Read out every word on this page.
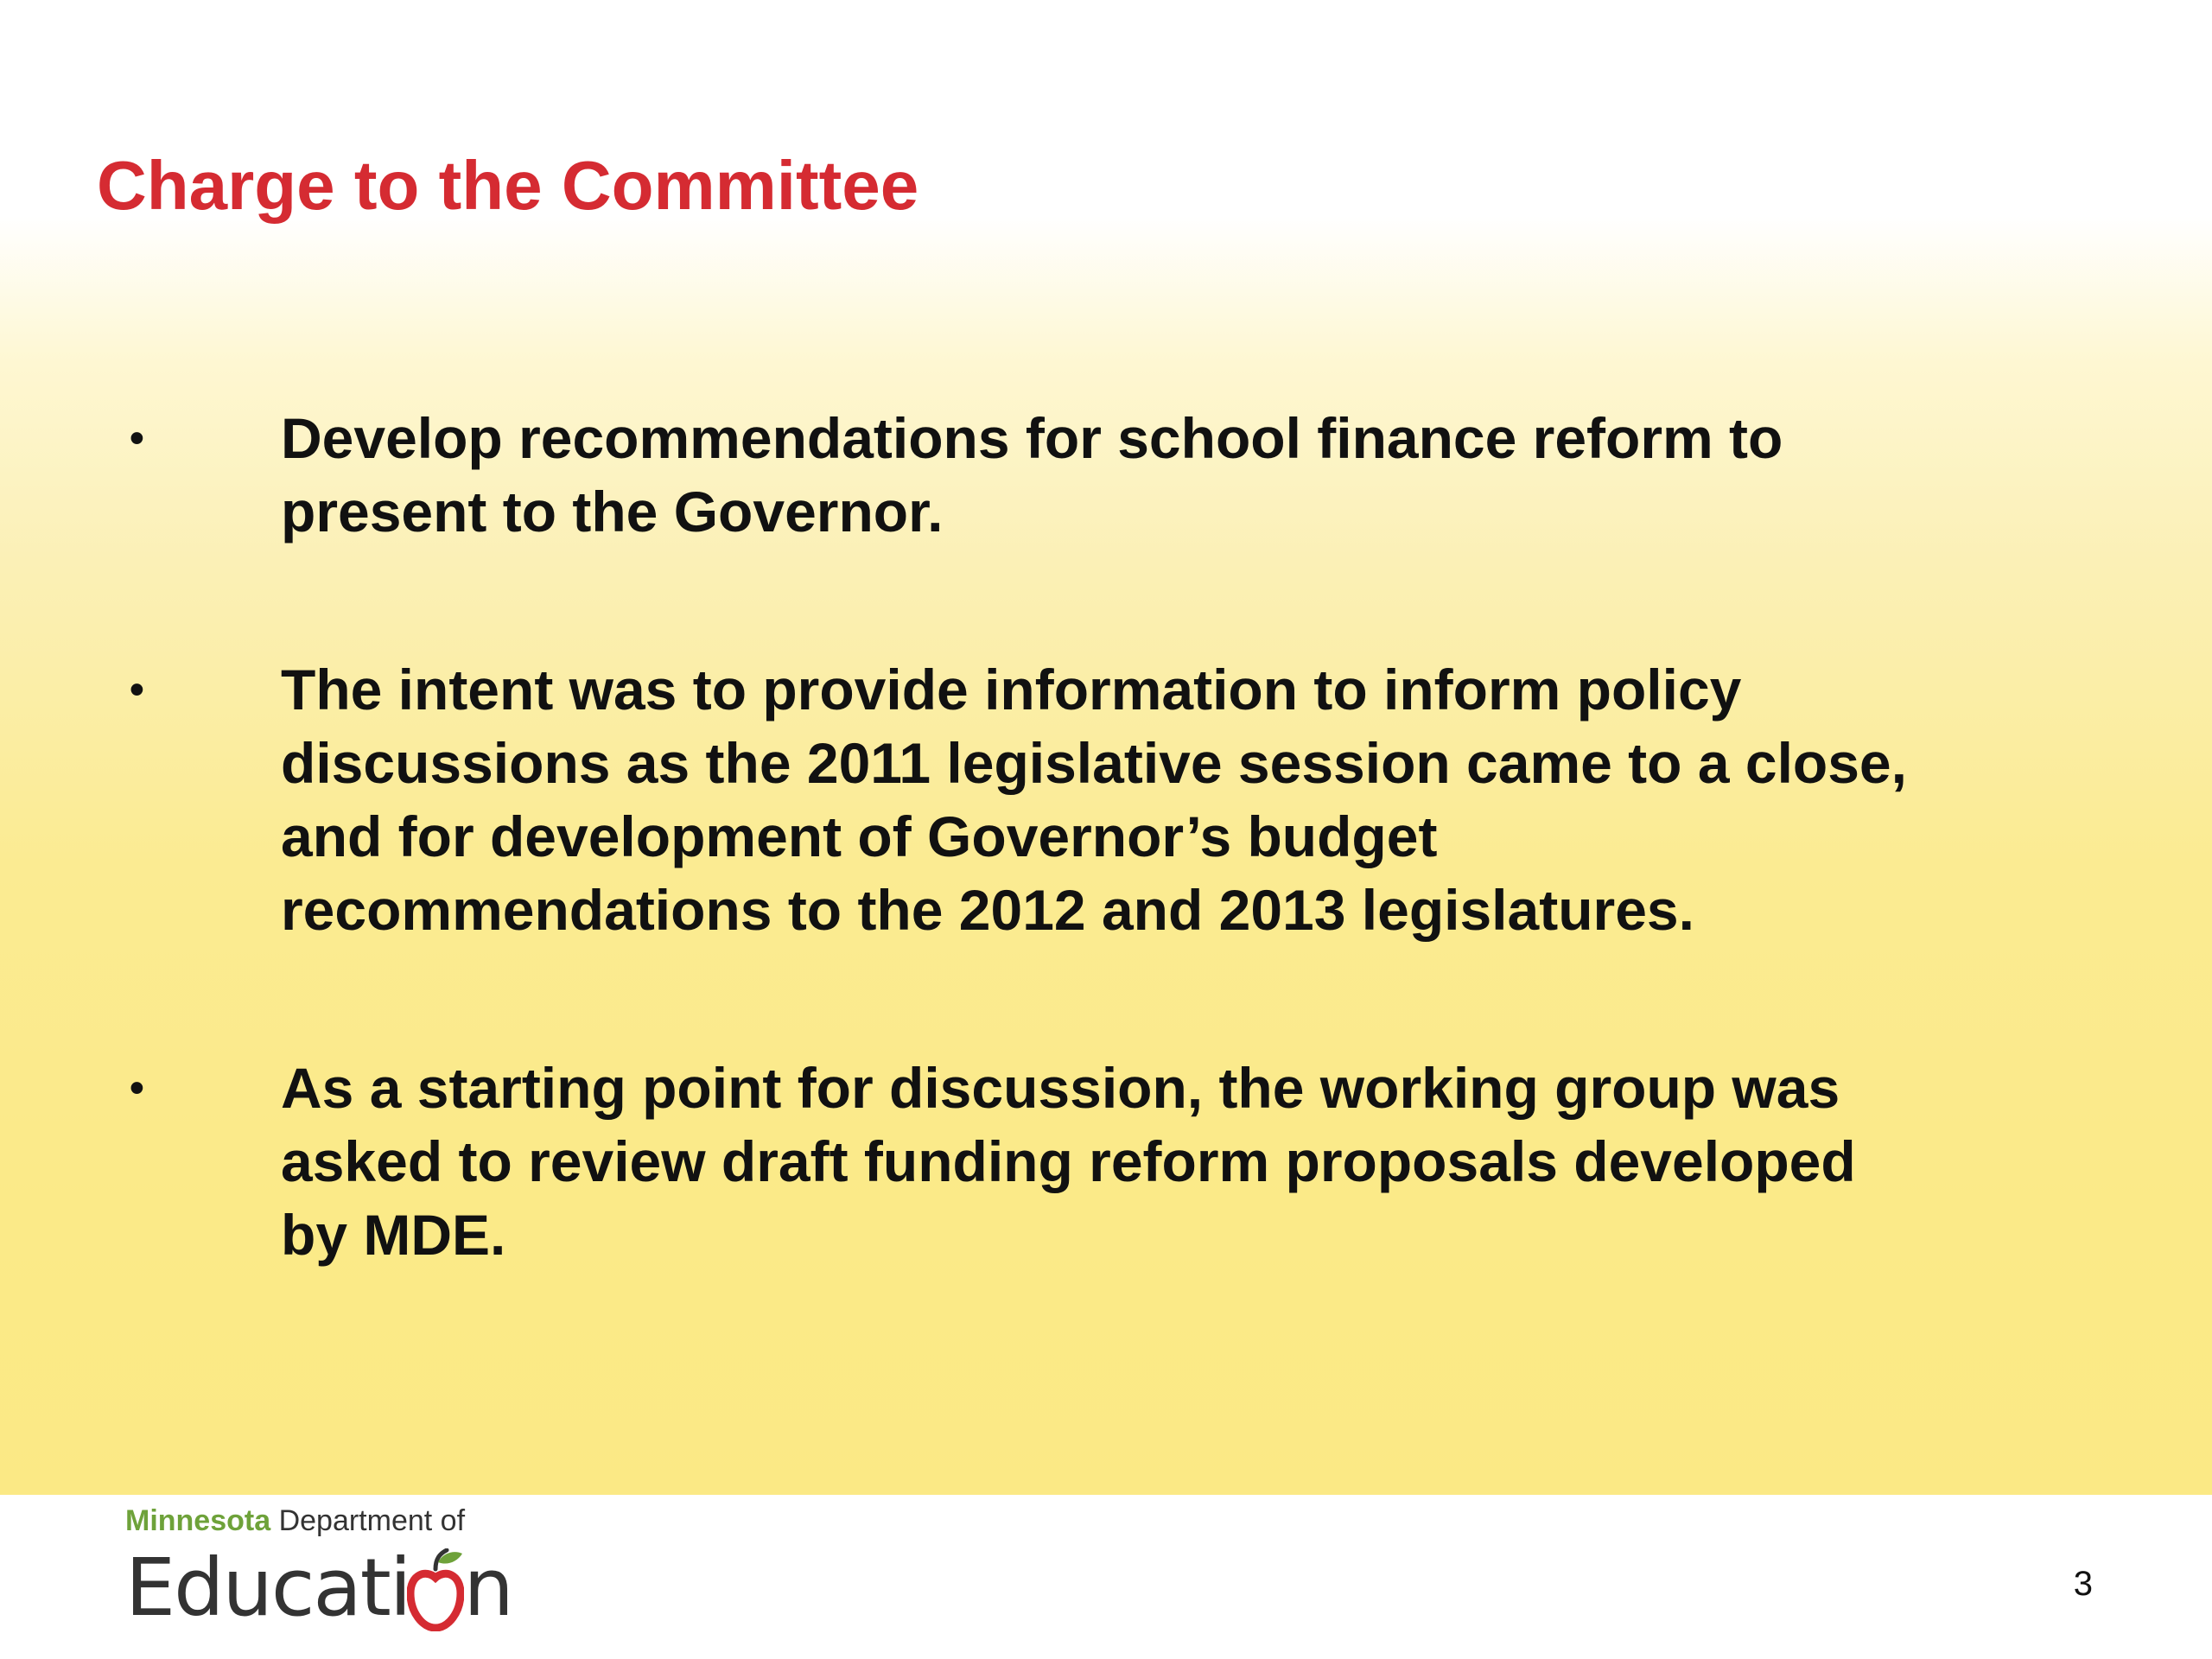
Charge to the Committee
• Develop recommendations for school finance reform to
present to the Governor.
• The intent was to provide information to inform policy
discussions as the 2011 legislative session came to a close,
and for development of Governor’s budget
recommendations to the 2012 and 2013 legislatures.
• As a starting point for discussion, the working group was
asked to review draft funding reform proposals developed
by MDE.
Minnesota Department of
Educati n	3
